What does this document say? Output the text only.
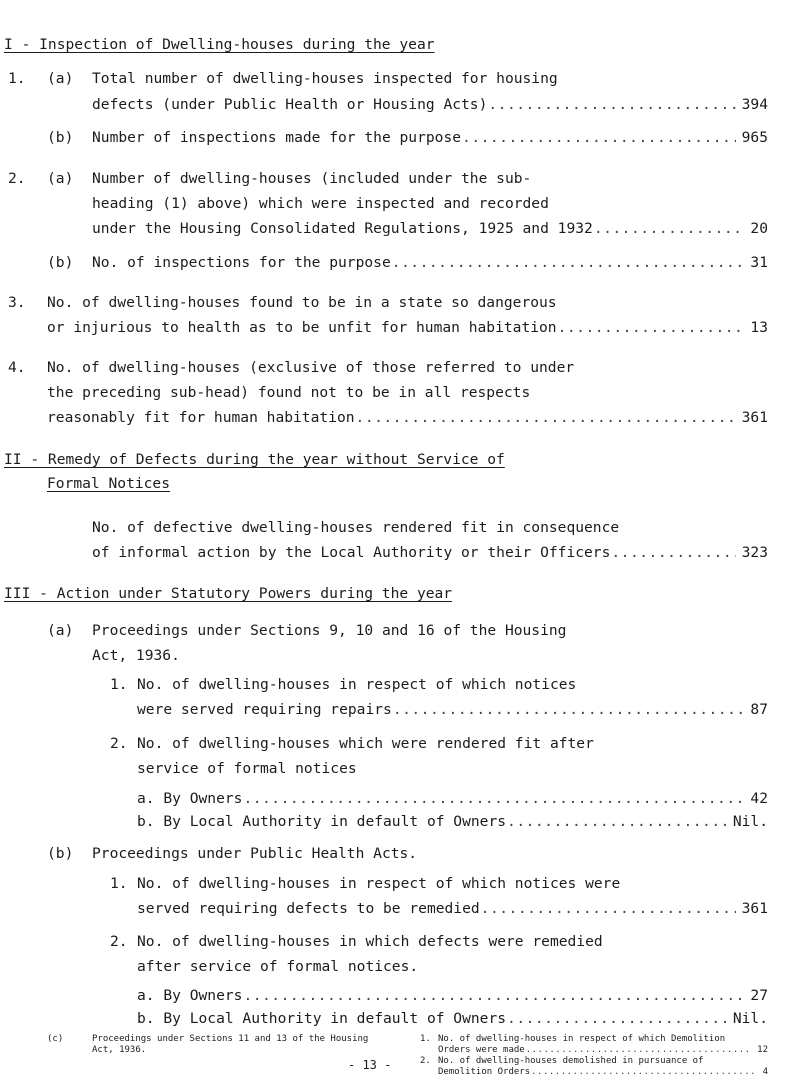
I - Inspection of Dwelling-houses during the year
1. (a) Total number of dwelling-houses inspected for housing
defects (under Public Health or Housing Acts) .....	394
(b) Number of inspections made for the purpose .....	965
2. (a) Number of dwelling-houses (included under the sub-
heading (1) above) which were inspected and recorded
under the Housing Consolidated Regulations, 1925 and 1932 .....	20
(b) No. of inspections for the purpose .....	31
3. No. of dwelling-houses found to be in a state so dangerous
or injurious to health as to be unfit for human habitation .....	13
4. No. of dwelling-houses (exclusive of those referred to under
the preceding sub-head) found not to be in all respects
reasonably fit for human habitation .....	361
II - Remedy of Defects during the year without Service of
Formal Notices
No. of defective dwelling-houses rendered fit in consequence
of informal action by the Local Authority or their Officers .....	323
III - Action under Statutory Powers during the year
(a) Proceedings under Sections 9, 10 and 16 of the Housing
Act, 1936.
1. No. of dwelling-houses in respect of which notices
were served requiring repairs .....	87
2. No. of dwelling-houses which were rendered fit after
service of formal notices
a. By Owners .....	42
b. By Local Authority in default of Owners .....	Nil.
(b) Proceedings under Public Health Acts.
1. No. of dwelling-houses in respect of which notices were
served requiring defects to be remedied .....	361
2. No. of dwelling-houses in which defects were remedied
after service of formal notices.
a. By Owners .....	27
b. By Local Authority in default of Owners .....	Nil.
(c)	Proceedings under Sections 11 and 13 of the Housing
Act, 1936.
1. No. of dwelling-houses in respect of which Demolition
Orders were made .....	12
2. No. of dwelling-houses demolished in pursuance of
Demolition Orders .....	4
- 13 -
